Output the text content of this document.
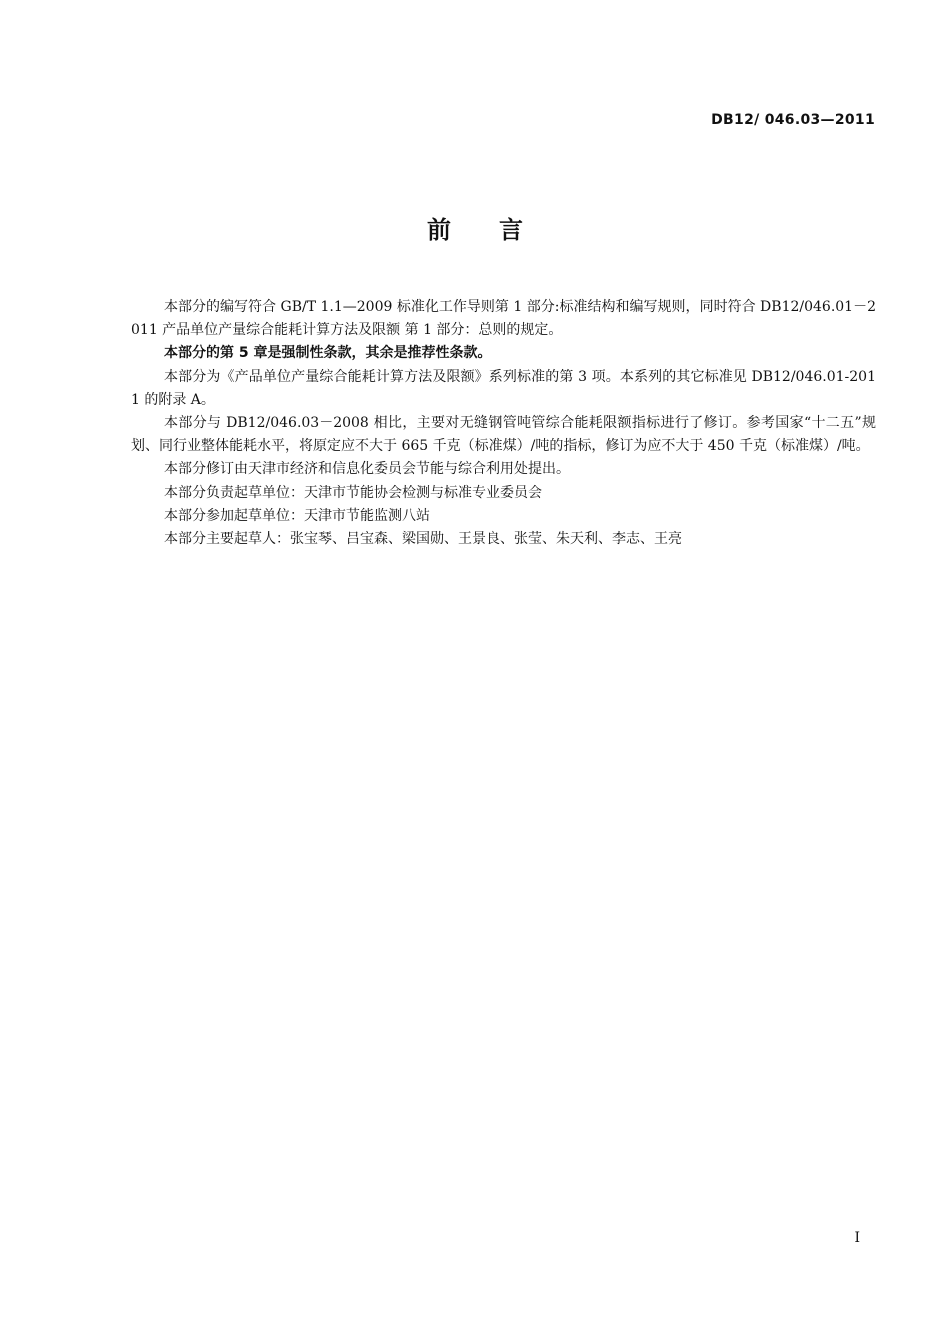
DB12/ 046.03—2011
前言

本部分的编写符合 GB/T 1.1—2009 标准化工作导则第 1 部分:标准结构和编写规则，同时符合 DB12/046.01－2011 产品单位产量综合能耗计算方法及限额 第 1 部分：总则的规定。

本部分的第 5 章是强制性条款，其余是推荐性条款。

本部分为《产品单位产量综合能耗计算方法及限额》系列标准的第 3 项。本系列的其它标准见 DB12/046.01-2011 的附录 A。

本部分与 DB12/046.03－2008 相比，主要对无缝钢管吨管综合能耗限额指标进行了修订。参考国家“十二五”规划、同行业整体能耗水平，将原定应不大于 665 千克（标准煤）/吨的指标，修订为应不大于 450 千克（标准煤）/吨。

本部分修订由天津市经济和信息化委员会节能与综合利用处提出。

本部分负责起草单位：天津市节能协会检测与标准专业委员会

本部分参加起草单位：天津市节能监测八站

本部分主要起草人：张宝琴、吕宝森、梁国勋、王景良、张莹、朱天利、李志、王亮

I
